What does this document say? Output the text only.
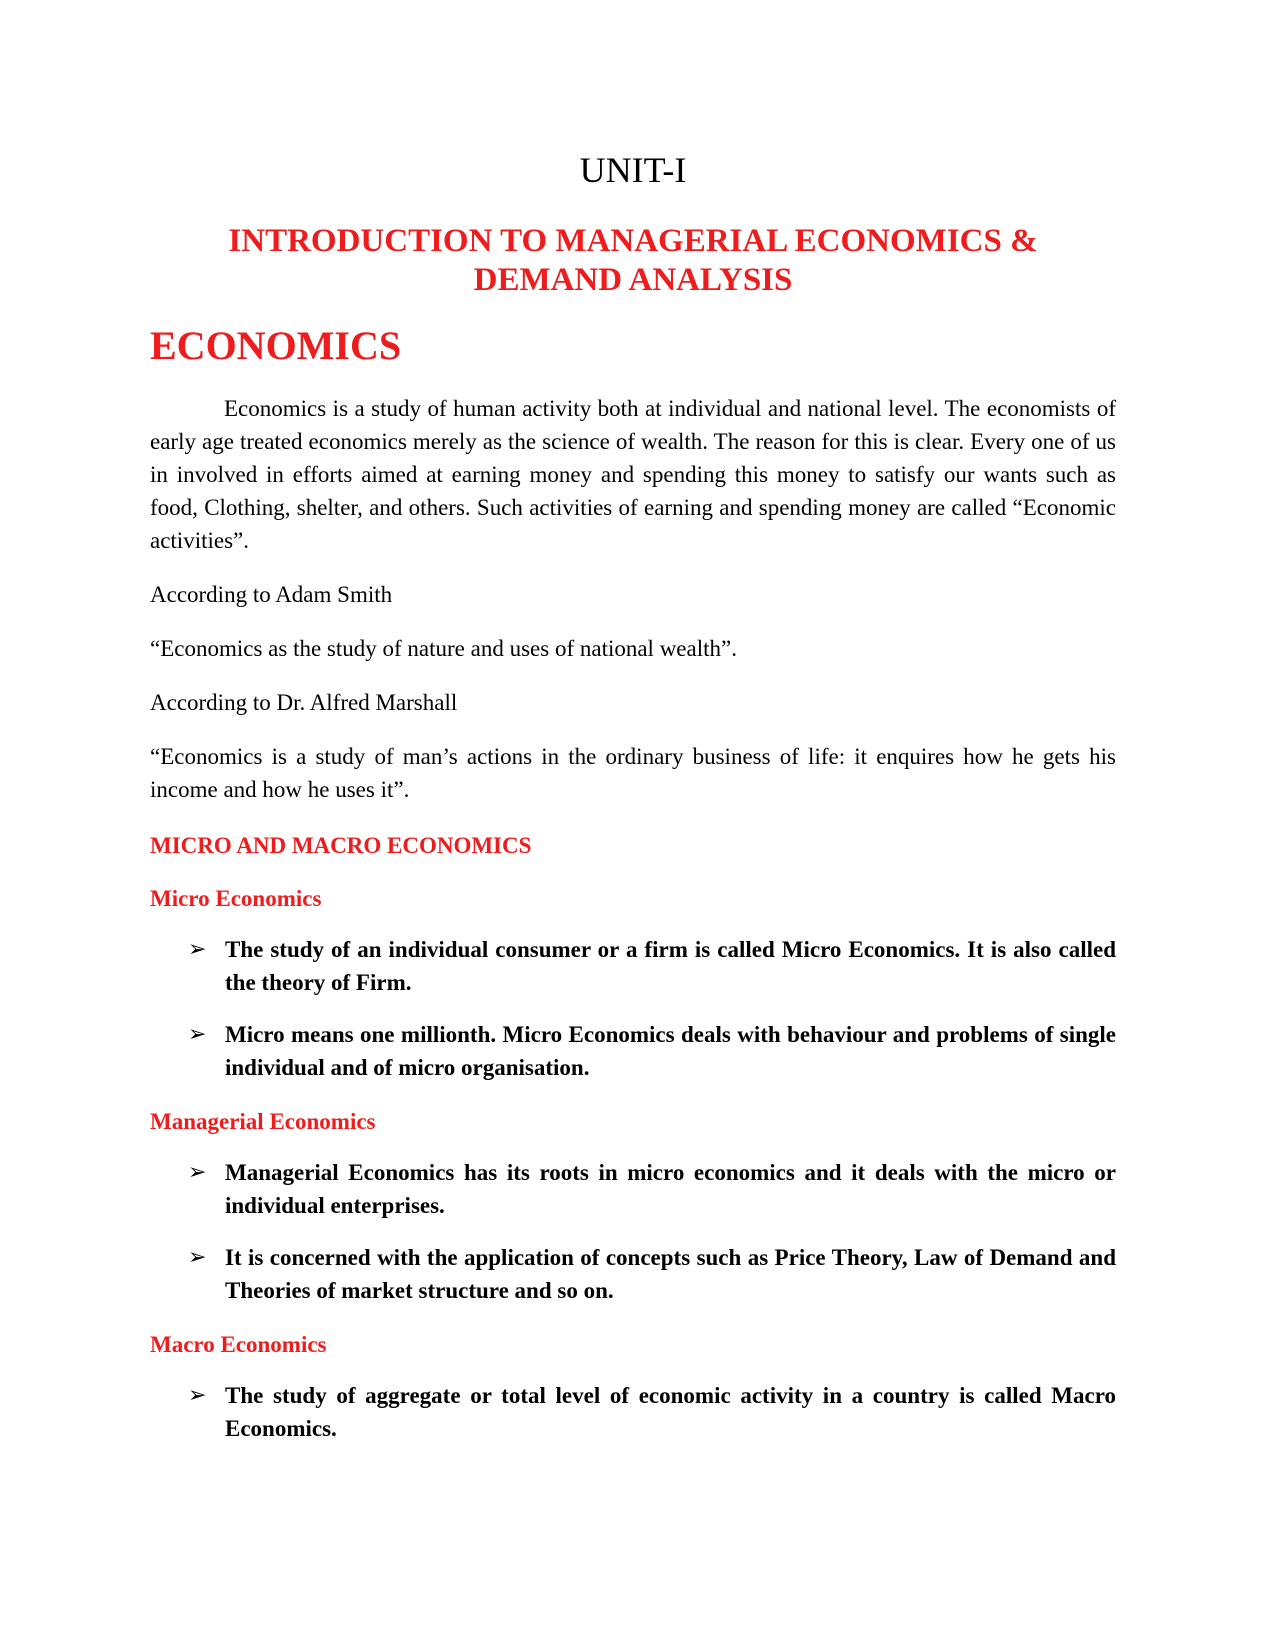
UNIT-I
INTRODUCTION TO MANAGERIAL ECONOMICS &
DEMAND ANALYSIS
ECONOMICS

Economics is a study of human activity both at individual and national level. The economists of early age treated economics merely as the science of wealth. The reason for this is clear. Every one of us in involved in efforts aimed at earning money and spending this money to satisfy our wants such as food, Clothing, shelter, and others. Such activities of earning and spending money are called “Economic activities”.

According to Adam Smith

“Economics as the study of nature and uses of national wealth”.

According to Dr. Alfred Marshall

“Economics is a study of man’s actions in the ordinary business of life: it enquires how he gets his income and how he uses it”.

MICRO AND MACRO ECONOMICS
Micro Economics
➢ The study of an individual consumer or a firm is called Micro Economics. It is also called the theory of Firm.
➢ Micro means one millionth. Micro Economics deals with behaviour and problems of single individual and of micro organisation.
Managerial Economics
➢ Managerial Economics has its roots in micro economics and it deals with the micro or individual enterprises.
➢ It is concerned with the application of concepts such as Price Theory, Law of Demand and Theories of market structure and so on.
Macro Economics
➢ The study of aggregate or total level of economic activity in a country is called Macro Economics.
